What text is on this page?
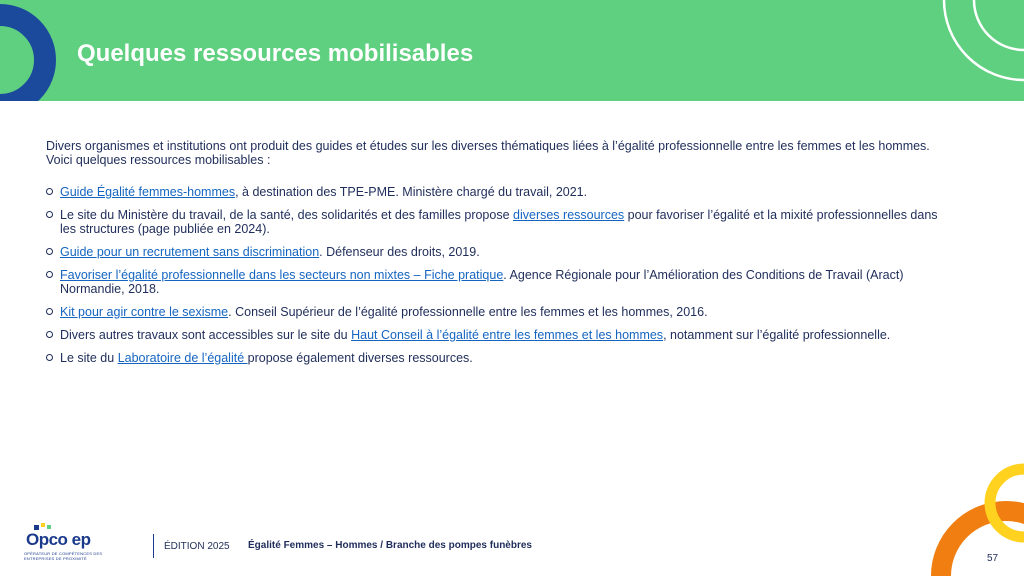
Quelques ressources mobilisables

Divers organismes et institutions ont produit des guides et études sur les diverses thématiques liées à l’égalité professionnelle entre les femmes et les hommes. Voici quelques ressources mobilisables :

Guide Égalité femmes-hommes, à destination des TPE-PME. Ministère chargé du travail, 2021.
Le site du Ministère du travail, de la santé, des solidarités et des familles propose diverses ressources pour favoriser l’égalité et la mixité professionnelles dans les structures (page publiée en 2024).
Guide pour un recrutement sans discrimination. Défenseur des droits, 2019.
Favoriser l’égalité professionnelle dans les secteurs non mixtes – Fiche pratique. Agence Régionale pour l’Amélioration des Conditions de Travail (Aract) Normandie, 2018.
Kit pour agir contre le sexisme. Conseil Supérieur de l’égalité professionnelle entre les femmes et les hommes, 2016.
Divers autres travaux sont accessibles sur le site du Haut Conseil à l’égalité entre les femmes et les hommes, notamment sur l’égalité professionnelle.
Le site du Laboratoire de l’égalité propose également diverses ressources.
Opco ep
OPÉRATEUR DE COMPÉTENCES DES ENTREPRISES DE PROXIMITÉ
ÉDITION 2025 Égalité Femmes – Hommes / Branche des pompes funèbres
57
